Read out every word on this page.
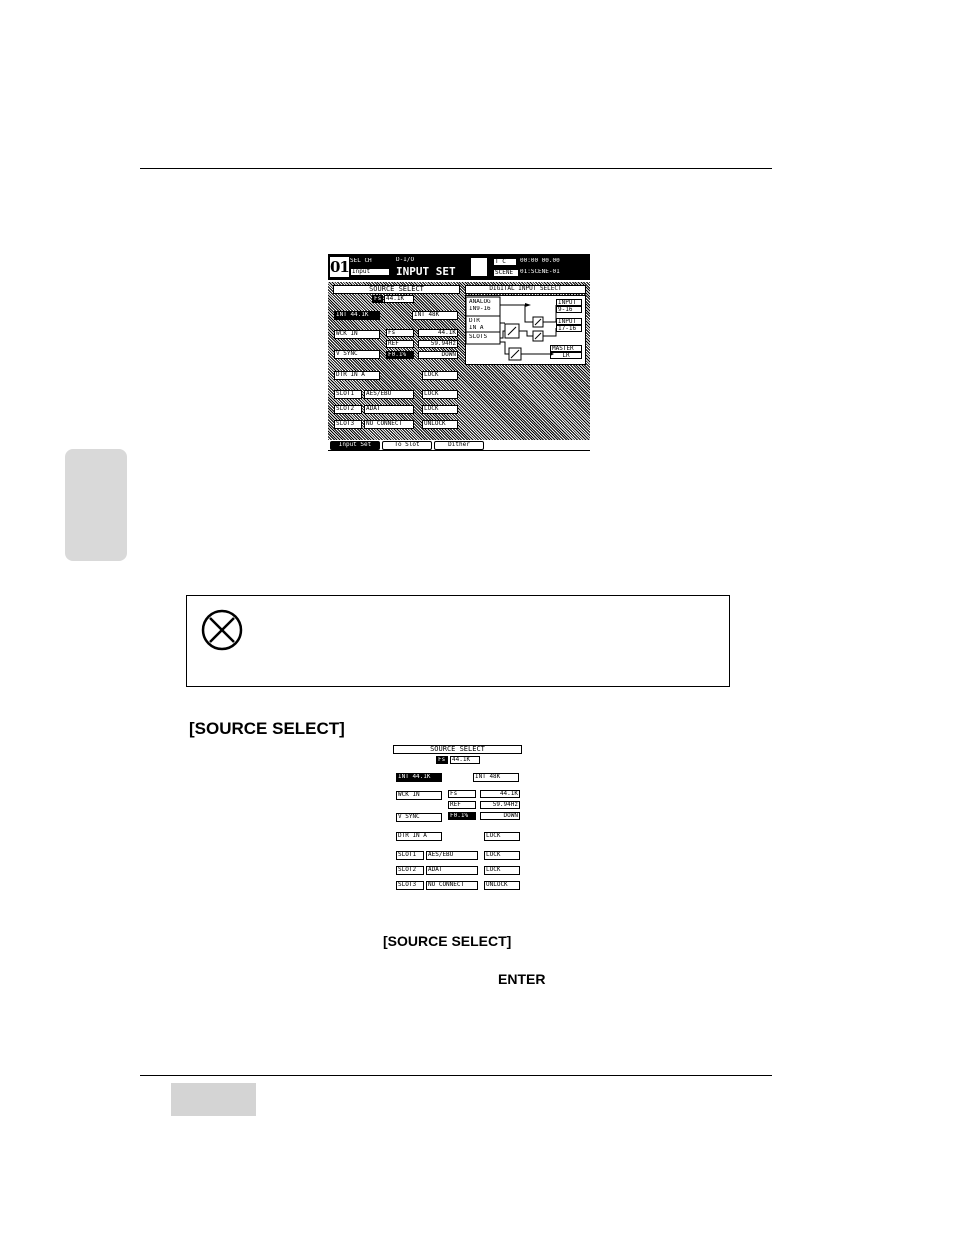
01 SEL CH
Input
D-I/O
INPUT SET
T C	00:00 00.00
SCENE	01:SCENE-01
SOURCE SELECT
Fs 44.1K
INT 44.1K	INT 48K
WCK IN
V SYNC
Fs	44.1K
REF	59.94Hz
F0.1%	DOWN
DTR IN A	LOCK
SLOT1	AES/EBU	LOCK
SLOT2	ADAT	LOCK
SLOT3	NO CONNECT	UNLOCK
DIGITAL INPUT SELECT
ANALOG
IN9-16
DTR
IN A
SLOTS
INPUT
9-16
INPUT
17-16
MASTER
LR
Input Set	To Slot	Dither
[SOURCE SELECT]
SOURCE SELECT
Fs	44.1K
INT 44.1K	INT 48K
WCK IN
V SYNC
Fs	44.1K
REF	59.94Hz
F0.1%	DOWN
DTR IN A	LOCK
SLOT1	AES/EBU	LOCK
SLOT2	ADAT	LOCK
SLOT3	NO CONNECT	UNLOCK
[SOURCE SELECT]
ENTER
